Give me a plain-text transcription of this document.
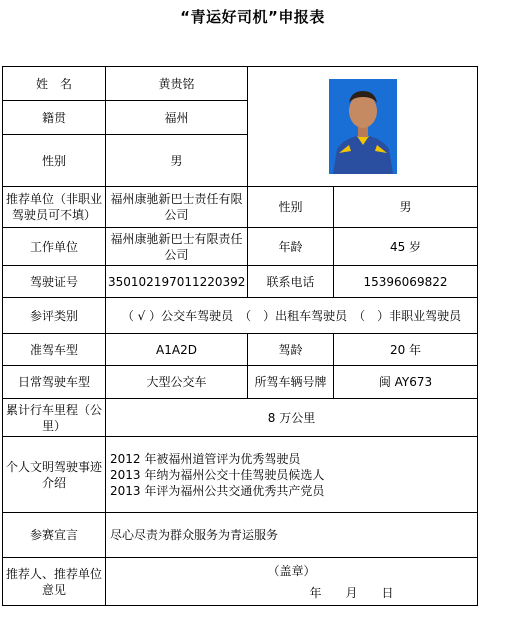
“青运好司机”申报表
姓　名	黄贵铭	

籍贯	福州		
性别	男		
推荐单位（非职业驾驶员可不填）	福州康驰新巴士责任有限公司	性别	男
工作单位	福州康驰新巴士有限责任公司	年龄	45 岁
驾驶证号	350102197011220392	联系电话	15396069822
参评类别	（ √ ）公交车驾驶员　（　）出租车驾驶员　（　）非职业驾驶员		
准驾车型	A1A2D	驾龄	20 年
日常驾驶车型	大型公交车	所驾车辆号牌	闽 AY673
累计行车里程（公里）	8 万公里		
个人文明驾驶事迹介绍	2012 年被福州道管评为优秀驾驶员
2013 年纳为福州公交十佳驾驶员候选人
2013 年评为福州公共交通优秀共产党员		

参赛宣言	尽心尽责为群众服务为青运服务		
推荐人、推荐单位意见	（盖章）
年　　月　　日		
